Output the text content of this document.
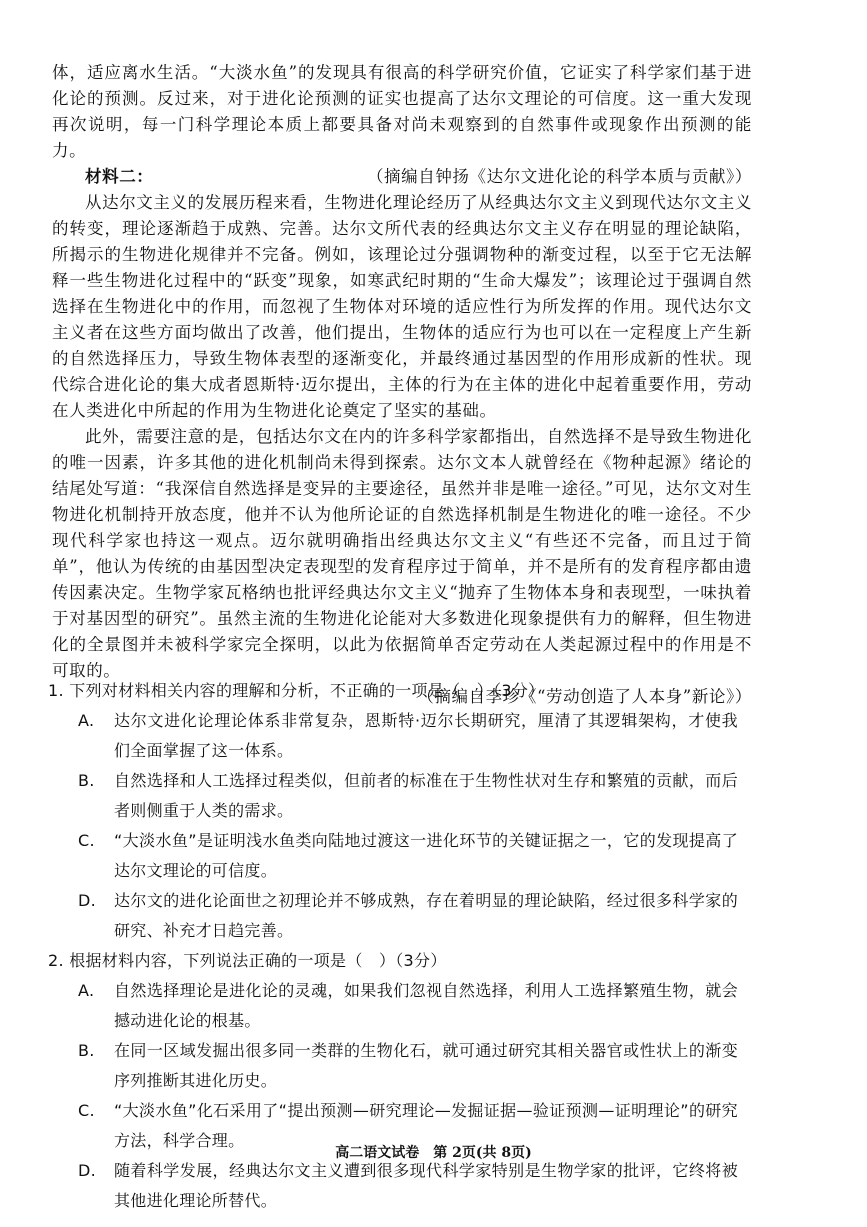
体，适应离水生活。“大淡水鱼”的发现具有很高的科学研究价值，它证实了科学家们基于进化论的预测。反过来，对于进化论预测的证实也提高了达尔文理论的可信度。这一重大发现再次说明，每一门科学理论本质上都要具备对尚未观察到的自然事件或现象作出预测的能力。

（摘编自钟扬《达尔文进化论的科学本质与贡献》）

材料二：

从达尔文主义的发展历程来看，生物进化理论经历了从经典达尔文主义到现代达尔文主义的转变，理论逐渐趋于成熟、完善。达尔文所代表的经典达尔文主义存在明显的理论缺陷，所揭示的生物进化规律并不完备。例如，该理论过分强调物种的渐变过程，以至于它无法解释一些生物进化过程中的“跃变”现象，如寒武纪时期的“生命大爆发”；该理论过于强调自然选择在生物进化中的作用，而忽视了生物体对环境的适应性行为所发挥的作用。现代达尔文主义者在这些方面均做出了改善，他们提出，生物体的适应行为也可以在一定程度上产生新的自然选择压力，导致生物体表型的逐渐变化，并最终通过基因型的作用形成新的性状。现代综合进化论的集大成者恩斯特·迈尔提出，主体的行为在主体的进化中起着重要作用，劳动在人类进化中所起的作用为生物进化论奠定了坚实的基础。

此外，需要注意的是，包括达尔文在内的许多科学家都指出，自然选择不是导致生物进化的唯一因素，许多其他的进化机制尚未得到探索。达尔文本人就曾经在《物种起源》绪论的结尾处写道：“我深信自然选择是变异的主要途径，虽然并非是唯一途径。”可见，达尔文对生物进化机制持开放态度，他并不认为他所论证的自然选择机制是生物进化的唯一途径。不少现代科学家也持这一观点。迈尔就明确指出经典达尔文主义“有些还不完备，而且过于简单”，他认为传统的由基因型决定表现型的发育程序过于简单，并不是所有的发育程序都由遗传因素决定。生物学家瓦格纳也批评经典达尔文主义“抛弃了生物体本身和表现型，一味执着于对基因型的研究”。虽然主流的生物进化论能对大多数进化现象提供有力的解释，但生物进化的全景图并未被科学家完全探明，以此为依据简单否定劳动在人类起源过程中的作用是不可取的。

（摘编自李珍《“劳动创造了人本身”新论》）

1. 下列对材料相关内容的理解和分析，不正确的一项是（　）（3分）

A.	达尔文进化论理论体系非常复杂，恩斯特·迈尔长期研究，厘清了其逻辑架构，才使我们全面掌握了这一体系。
B.	自然选择和人工选择过程类似，但前者的标准在于生物性状对生存和繁殖的贡献，而后者则侧重于人类的需求。
C.	“大淡水鱼”是证明浅水鱼类向陆地过渡这一进化环节的关键证据之一，它的发现提高了达尔文理论的可信度。
D.	达尔文的进化论面世之初理论并不够成熟，存在着明显的理论缺陷，经过很多科学家的研究、补充才日趋完善。

2. 根据材料内容，下列说法正确的一项是（　）（3分）

A.	自然选择理论是进化论的灵魂，如果我们忽视自然选择，利用人工选择繁殖生物，就会撼动进化论的根基。
B.	在同一区域发掘出很多同一类群的生物化石，就可通过研究其相关器官或性状上的渐变序列推断其进化历史。
C.	“大淡水鱼”化石采用了“提出预测—研究理论—发掘证据—验证预测—证明理论”的研究方法，科学合理。
D.	随着科学发展，经典达尔文主义遭到很多现代科学家特别是生物学家的批评，它终将被其他进化理论所替代。
高二语文试卷　第 2页(共 8页)
